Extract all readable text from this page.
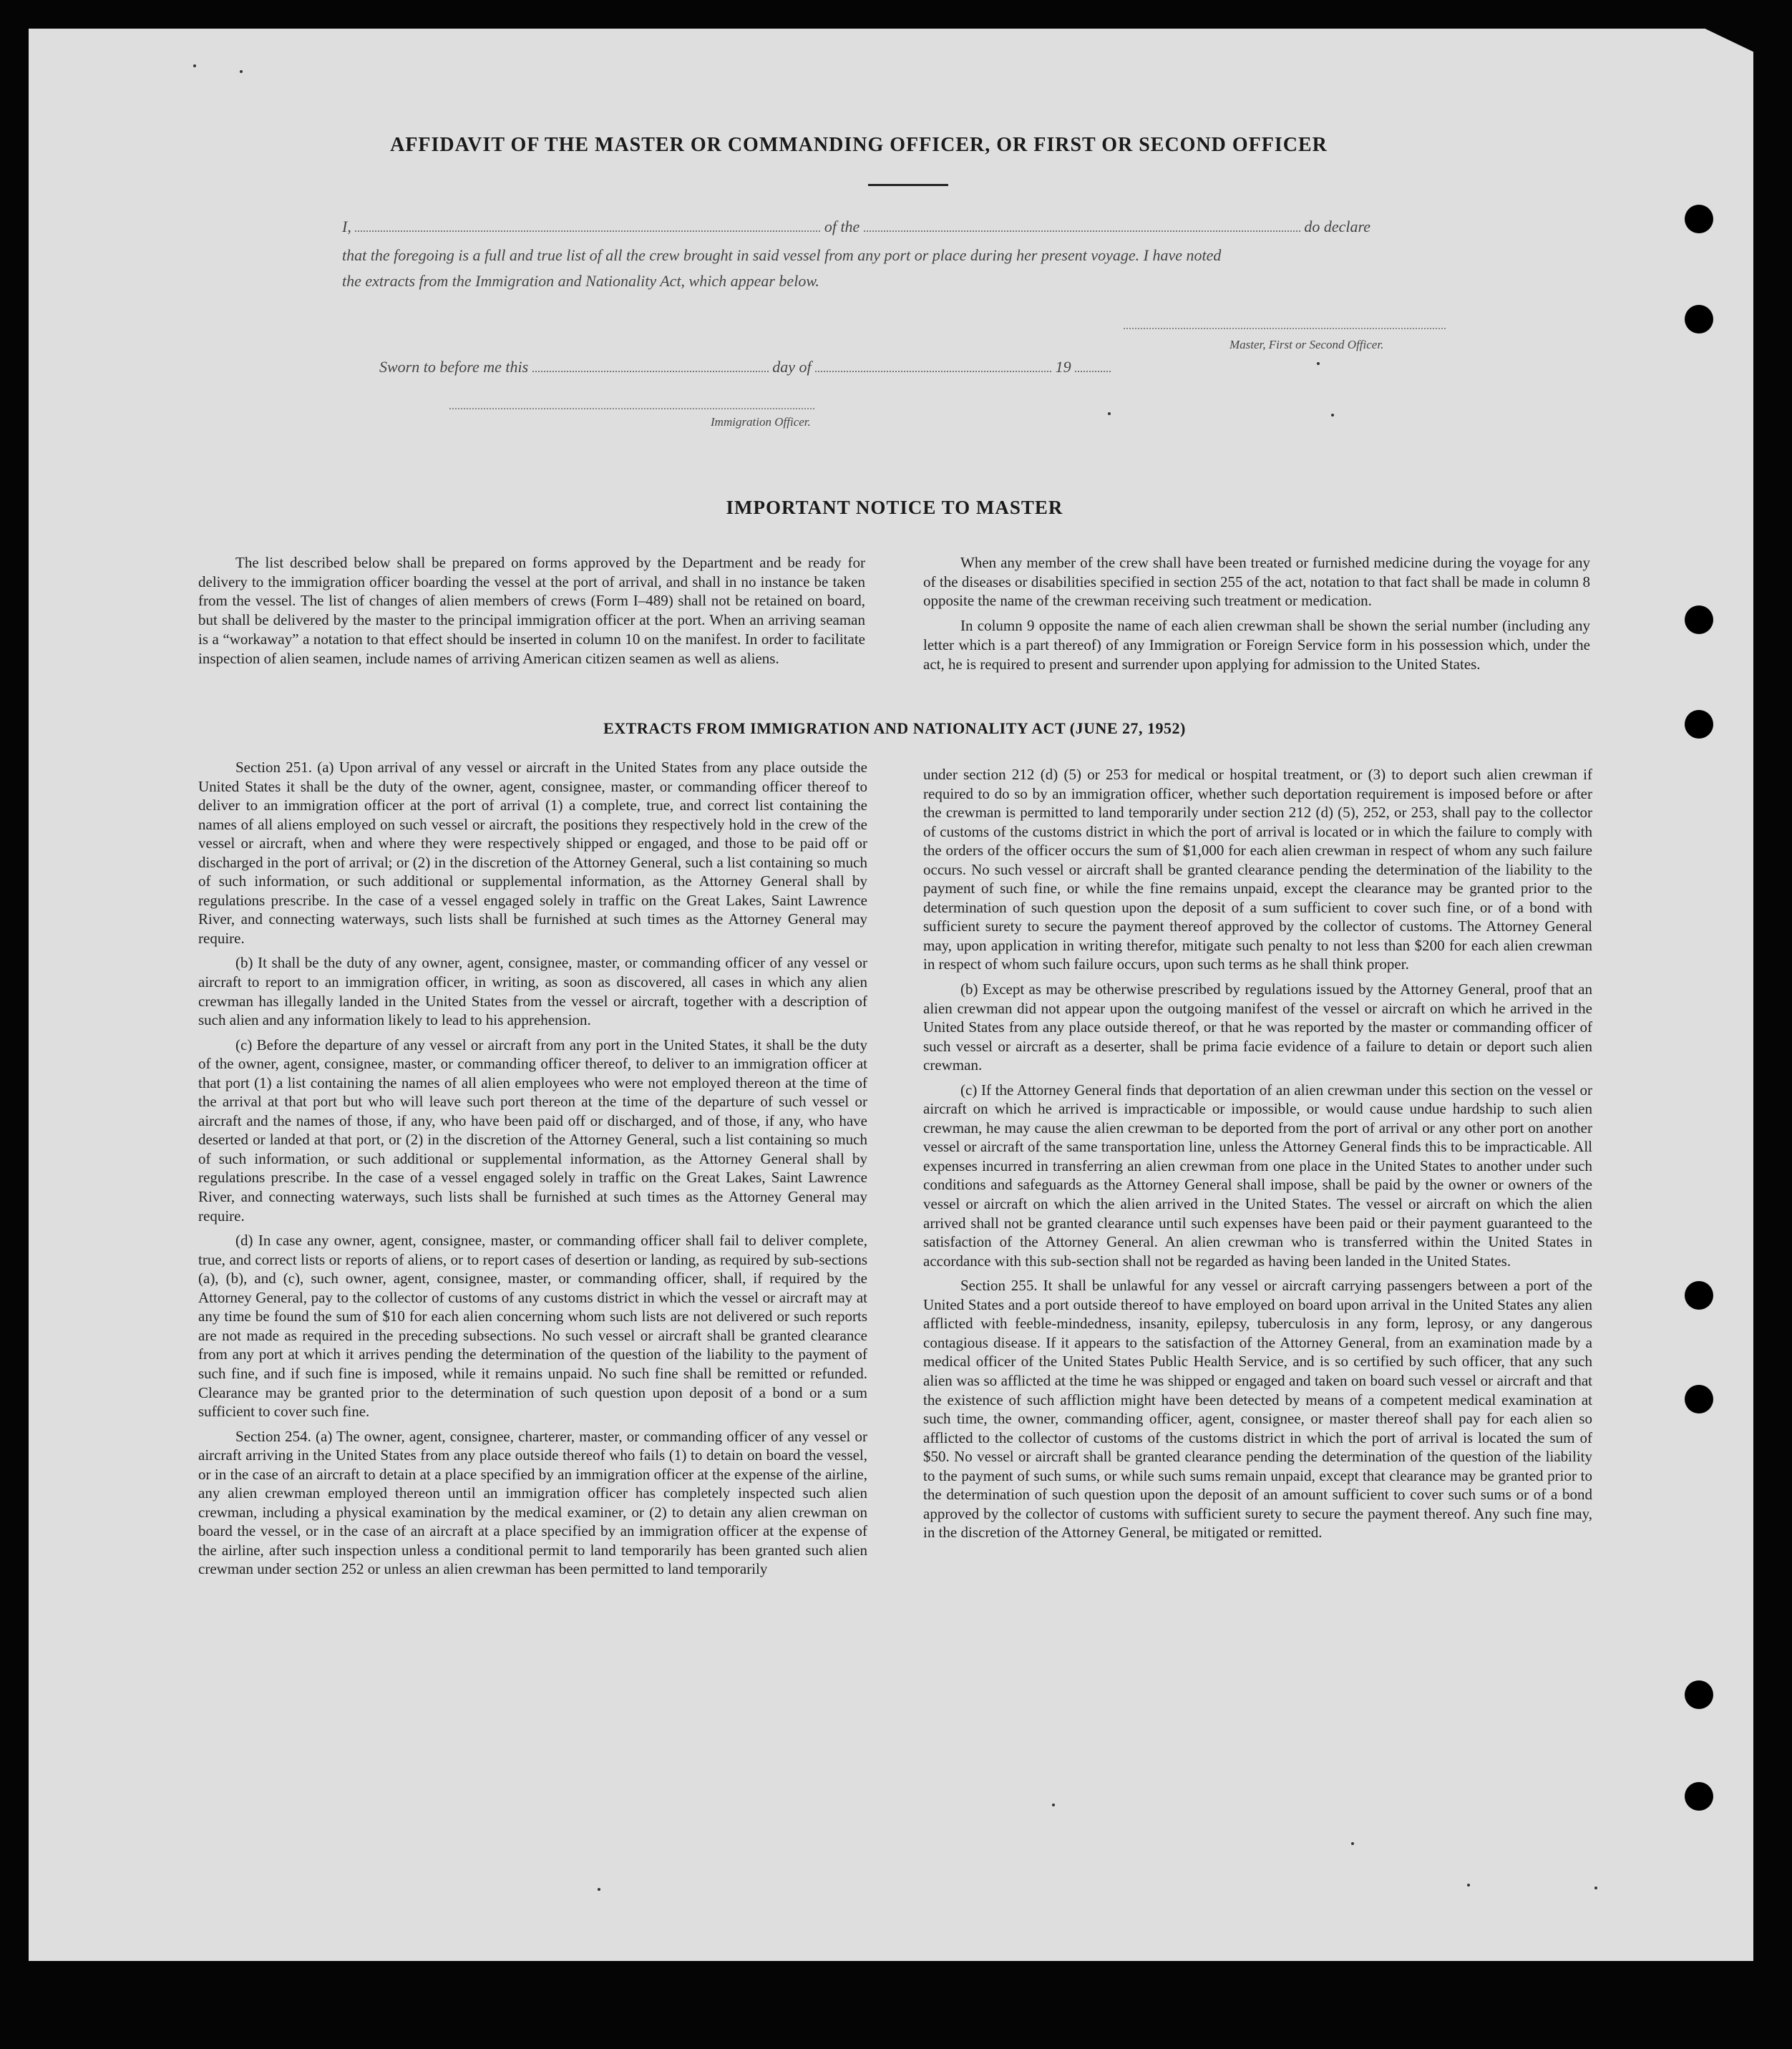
AFFIDAVIT OF THE MASTER OR COMMANDING OFFICER, OR FIRST OR SECOND OFFICER
I,	of the	do declare
that the foregoing is a full and true list of all the crew brought in said vessel from any port or place during her present voyage. I have noted
the extracts from the Immigration and Nationality Act, which appear below.
Master, First or Second Officer.
Sworn to before me this	day of	19
Immigration Officer.
IMPORTANT NOTICE TO MASTER

The list described below shall be prepared on forms approved by the Department and be ready for delivery to the immigration officer boarding the vessel at the port of arrival, and shall in no instance be taken from the vessel. The list of changes of alien members of crews (Form I–489) shall not be retained on board, but shall be delivered by the master to the principal immigration officer at the port. When an arriving seaman is a “workaway” a notation to that effect should be inserted in column 10 on the manifest. In order to facilitate inspection of alien seamen, include names of arriving American citizen seamen as well as aliens.

When any member of the crew shall have been treated or furnished medicine during the voyage for any of the diseases or disabilities specified in section 255 of the act, notation to that fact shall be made in column 8 opposite the name of the crewman receiving such treatment or medication.

In column 9 opposite the name of each alien crewman shall be shown the serial number (including any letter which is a part thereof) of any Immigration or Foreign Service form in his possession which, under the act, he is required to present and surrender upon applying for admission to the United States.

EXTRACTS FROM IMMIGRATION AND NATIONALITY ACT (JUNE 27, 1952)

Section 251. (a) Upon arrival of any vessel or aircraft in the United States from any place outside the United States it shall be the duty of the owner, agent, consignee, master, or commanding officer thereof to deliver to an immigration officer at the port of arrival (1) a complete, true, and correct list containing the names of all aliens employed on such vessel or aircraft, the positions they respectively hold in the crew of the vessel or aircraft, when and where they were respectively shipped or engaged, and those to be paid off or discharged in the port of arrival; or (2) in the discretion of the Attorney General, such a list containing so much of such information, or such additional or supplemental information, as the Attorney General shall by regulations prescribe. In the case of a vessel engaged solely in traffic on the Great Lakes, Saint Lawrence River, and connecting waterways, such lists shall be furnished at such times as the Attorney General may require.

(b) It shall be the duty of any owner, agent, consignee, master, or commanding officer of any vessel or aircraft to report to an immigration officer, in writing, as soon as discovered, all cases in which any alien crewman has illegally landed in the United States from the vessel or aircraft, together with a description of such alien and any information likely to lead to his apprehension.

(c) Before the departure of any vessel or aircraft from any port in the United States, it shall be the duty of the owner, agent, consignee, master, or commanding officer thereof, to deliver to an immigration officer at that port (1) a list containing the names of all alien employees who were not employed thereon at the time of the arrival at that port but who will leave such port thereon at the time of the departure of such vessel or aircraft and the names of those, if any, who have been paid off or discharged, and of those, if any, who have deserted or landed at that port, or (2) in the discretion of the Attorney General, such a list containing so much of such information, or such additional or supplemental information, as the Attorney General shall by regulations prescribe. In the case of a vessel engaged solely in traffic on the Great Lakes, Saint Lawrence River, and connecting waterways, such lists shall be furnished at such times as the Attorney General may require.

(d) In case any owner, agent, consignee, master, or commanding officer shall fail to deliver complete, true, and correct lists or reports of aliens, or to report cases of desertion or landing, as required by sub-sections (a), (b), and (c), such owner, agent, consignee, master, or commanding officer, shall, if required by the Attorney General, pay to the collector of customs of any customs district in which the vessel or aircraft may at any time be found the sum of $10 for each alien concerning whom such lists are not delivered or such reports are not made as required in the preceding subsections. No such vessel or aircraft shall be granted clearance from any port at which it arrives pending the determination of the question of the liability to the payment of such fine, and if such fine is imposed, while it remains unpaid. No such fine shall be remitted or refunded. Clearance may be granted prior to the determination of such question upon deposit of a bond or a sum sufficient to cover such fine.

Section 254. (a) The owner, agent, consignee, charterer, master, or commanding officer of any vessel or aircraft arriving in the United States from any place outside thereof who fails (1) to detain on board the vessel, or in the case of an aircraft to detain at a place specified by an immigration officer at the expense of the airline, any alien crewman employed thereon until an immigration officer has completely inspected such alien crewman, including a physical examination by the medical examiner, or (2) to detain any alien crewman on board the vessel, or in the case of an aircraft at a place specified by an immigration officer at the expense of the airline, after such inspection unless a conditional permit to land temporarily has been granted such alien crewman under section 252 or unless an alien crewman has been permitted to land temporarily

under section 212 (d) (5) or 253 for medical or hospital treatment, or (3) to deport such alien crewman if required to do so by an immigration officer, whether such deportation requirement is imposed before or after the crewman is permitted to land temporarily under section 212 (d) (5), 252, or 253, shall pay to the collector of customs of the customs district in which the port of arrival is located or in which the failure to comply with the orders of the officer occurs the sum of $1,000 for each alien crewman in respect of whom any such failure occurs. No such vessel or aircraft shall be granted clearance pending the determination of the liability to the payment of such fine, or while the fine remains unpaid, except the clearance may be granted prior to the determination of such question upon the deposit of a sum sufficient to cover such fine, or of a bond with sufficient surety to secure the payment thereof approved by the collector of customs. The Attorney General may, upon application in writing therefor, mitigate such penalty to not less than $200 for each alien crewman in respect of whom such failure occurs, upon such terms as he shall think proper.

(b) Except as may be otherwise prescribed by regulations issued by the Attorney General, proof that an alien crewman did not appear upon the outgoing manifest of the vessel or aircraft on which he arrived in the United States from any place outside thereof, or that he was reported by the master or commanding officer of such vessel or aircraft as a deserter, shall be prima facie evidence of a failure to detain or deport such alien crewman.

(c) If the Attorney General finds that deportation of an alien crewman under this section on the vessel or aircraft on which he arrived is impracticable or impossible, or would cause undue hardship to such alien crewman, he may cause the alien crewman to be deported from the port of arrival or any other port on another vessel or aircraft of the same transportation line, unless the Attorney General finds this to be impracticable. All expenses incurred in transferring an alien crewman from one place in the United States to another under such conditions and safeguards as the Attorney General shall impose, shall be paid by the owner or owners of the vessel or aircraft on which the alien arrived in the United States. The vessel or aircraft on which the alien arrived shall not be granted clearance until such expenses have been paid or their payment guaranteed to the satisfaction of the Attorney General. An alien crewman who is transferred within the United States in accordance with this sub-section shall not be regarded as having been landed in the United States.

Section 255. It shall be unlawful for any vessel or aircraft carrying passengers between a port of the United States and a port outside thereof to have employed on board upon arrival in the United States any alien afflicted with feeble-mindedness, insanity, epilepsy, tuberculosis in any form, leprosy, or any dangerous contagious disease. If it appears to the satisfaction of the Attorney General, from an examination made by a medical officer of the United States Public Health Service, and is so certified by such officer, that any such alien was so afflicted at the time he was shipped or engaged and taken on board such vessel or aircraft and that the existence of such affliction might have been detected by means of a competent medical examination at such time, the owner, commanding officer, agent, consignee, or master thereof shall pay for each alien so afflicted to the collector of customs of the customs district in which the port of arrival is located the sum of $50. No vessel or aircraft shall be granted clearance pending the determination of the question of the liability to the payment of such sums, or while such sums remain unpaid, except that clearance may be granted prior to the determination of such question upon the deposit of an amount sufficient to cover such sums or of a bond approved by the collector of customs with sufficient surety to secure the payment thereof. Any such fine may, in the discretion of the Attorney General, be mitigated or remitted.
